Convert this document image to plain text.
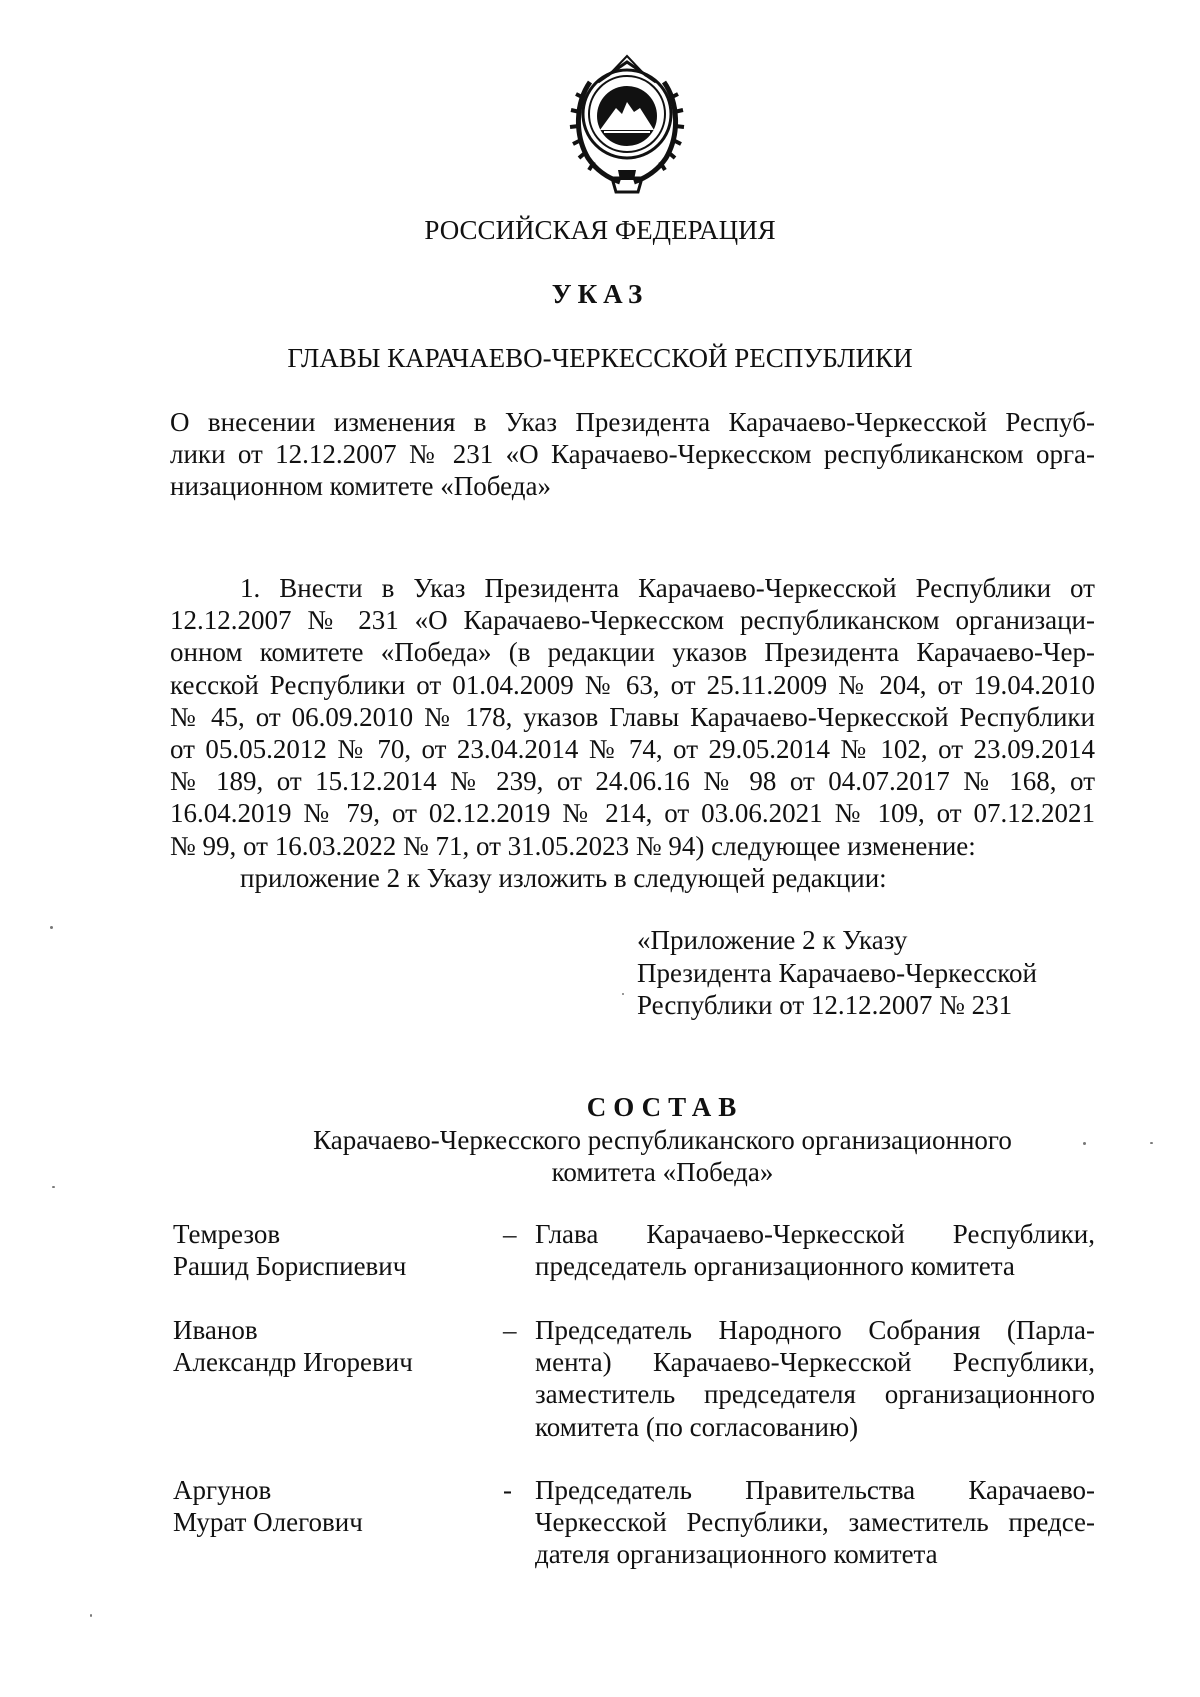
РОССИЙСКАЯ ФЕДЕРАЦИЯ
УКАЗ
ГЛАВЫ КАРАЧАЕВО-ЧЕРКЕССКОЙ РЕСПУБЛИКИ
О внесении изменения в Указ Президента Карачаево-Черкесской Респуб-
лики от 12.12.2007 № 231 «О Карачаево-Черкесском республиканском орга-
низационном комитете «Победа»
1. Внести в Указ Президента Карачаево-Черкесской Республики от
12.12.2007 № 231 «О Карачаево-Черкесском республиканском организаци-
онном комитете «Победа» (в редакции указов Президента Карачаево-Чер-
кесской Республики от 01.04.2009 № 63, от 25.11.2009 № 204, от 19.04.2010
№ 45, от 06.09.2010 № 178, указов Главы Карачаево-Черкесской Республики
от 05.05.2012 № 70, от 23.04.2014 № 74, от 29.05.2014 № 102, от 23.09.2014
№ 189, от 15.12.2014 № 239, от 24.06.16 № 98 от 04.07.2017 № 168, от
16.04.2019 № 79, от 02.12.2019 № 214, от 03.06.2021 № 109, от 07.12.2021
№ 99, от 16.03.2022 № 71, от 31.05.2023 № 94) следующее изменение:
приложение 2 к Указу изложить в следующей редакции:
«Приложение 2 к Указу
Президента Карачаево-Черкесской
Республики от 12.12.2007 № 231
СОСТАВ
Карачаево-Черкесского республиканского организационного
комитета «Победа»
Темрезов
Рашид Бориспиевич
– Глава Карачаево-Черкесской Республики,
председатель организационного комитета
Иванов
Александр Игоревич
– Председатель Народного Собрания (Парла-
мента) Карачаево-Черкесской Республики,
заместитель председателя организационного
комитета (по согласованию)
Аргунов
Мурат Олегович
- Председатель Правительства Карачаево-
Черкесской Республики, заместитель предсе-
дателя организационного комитета
